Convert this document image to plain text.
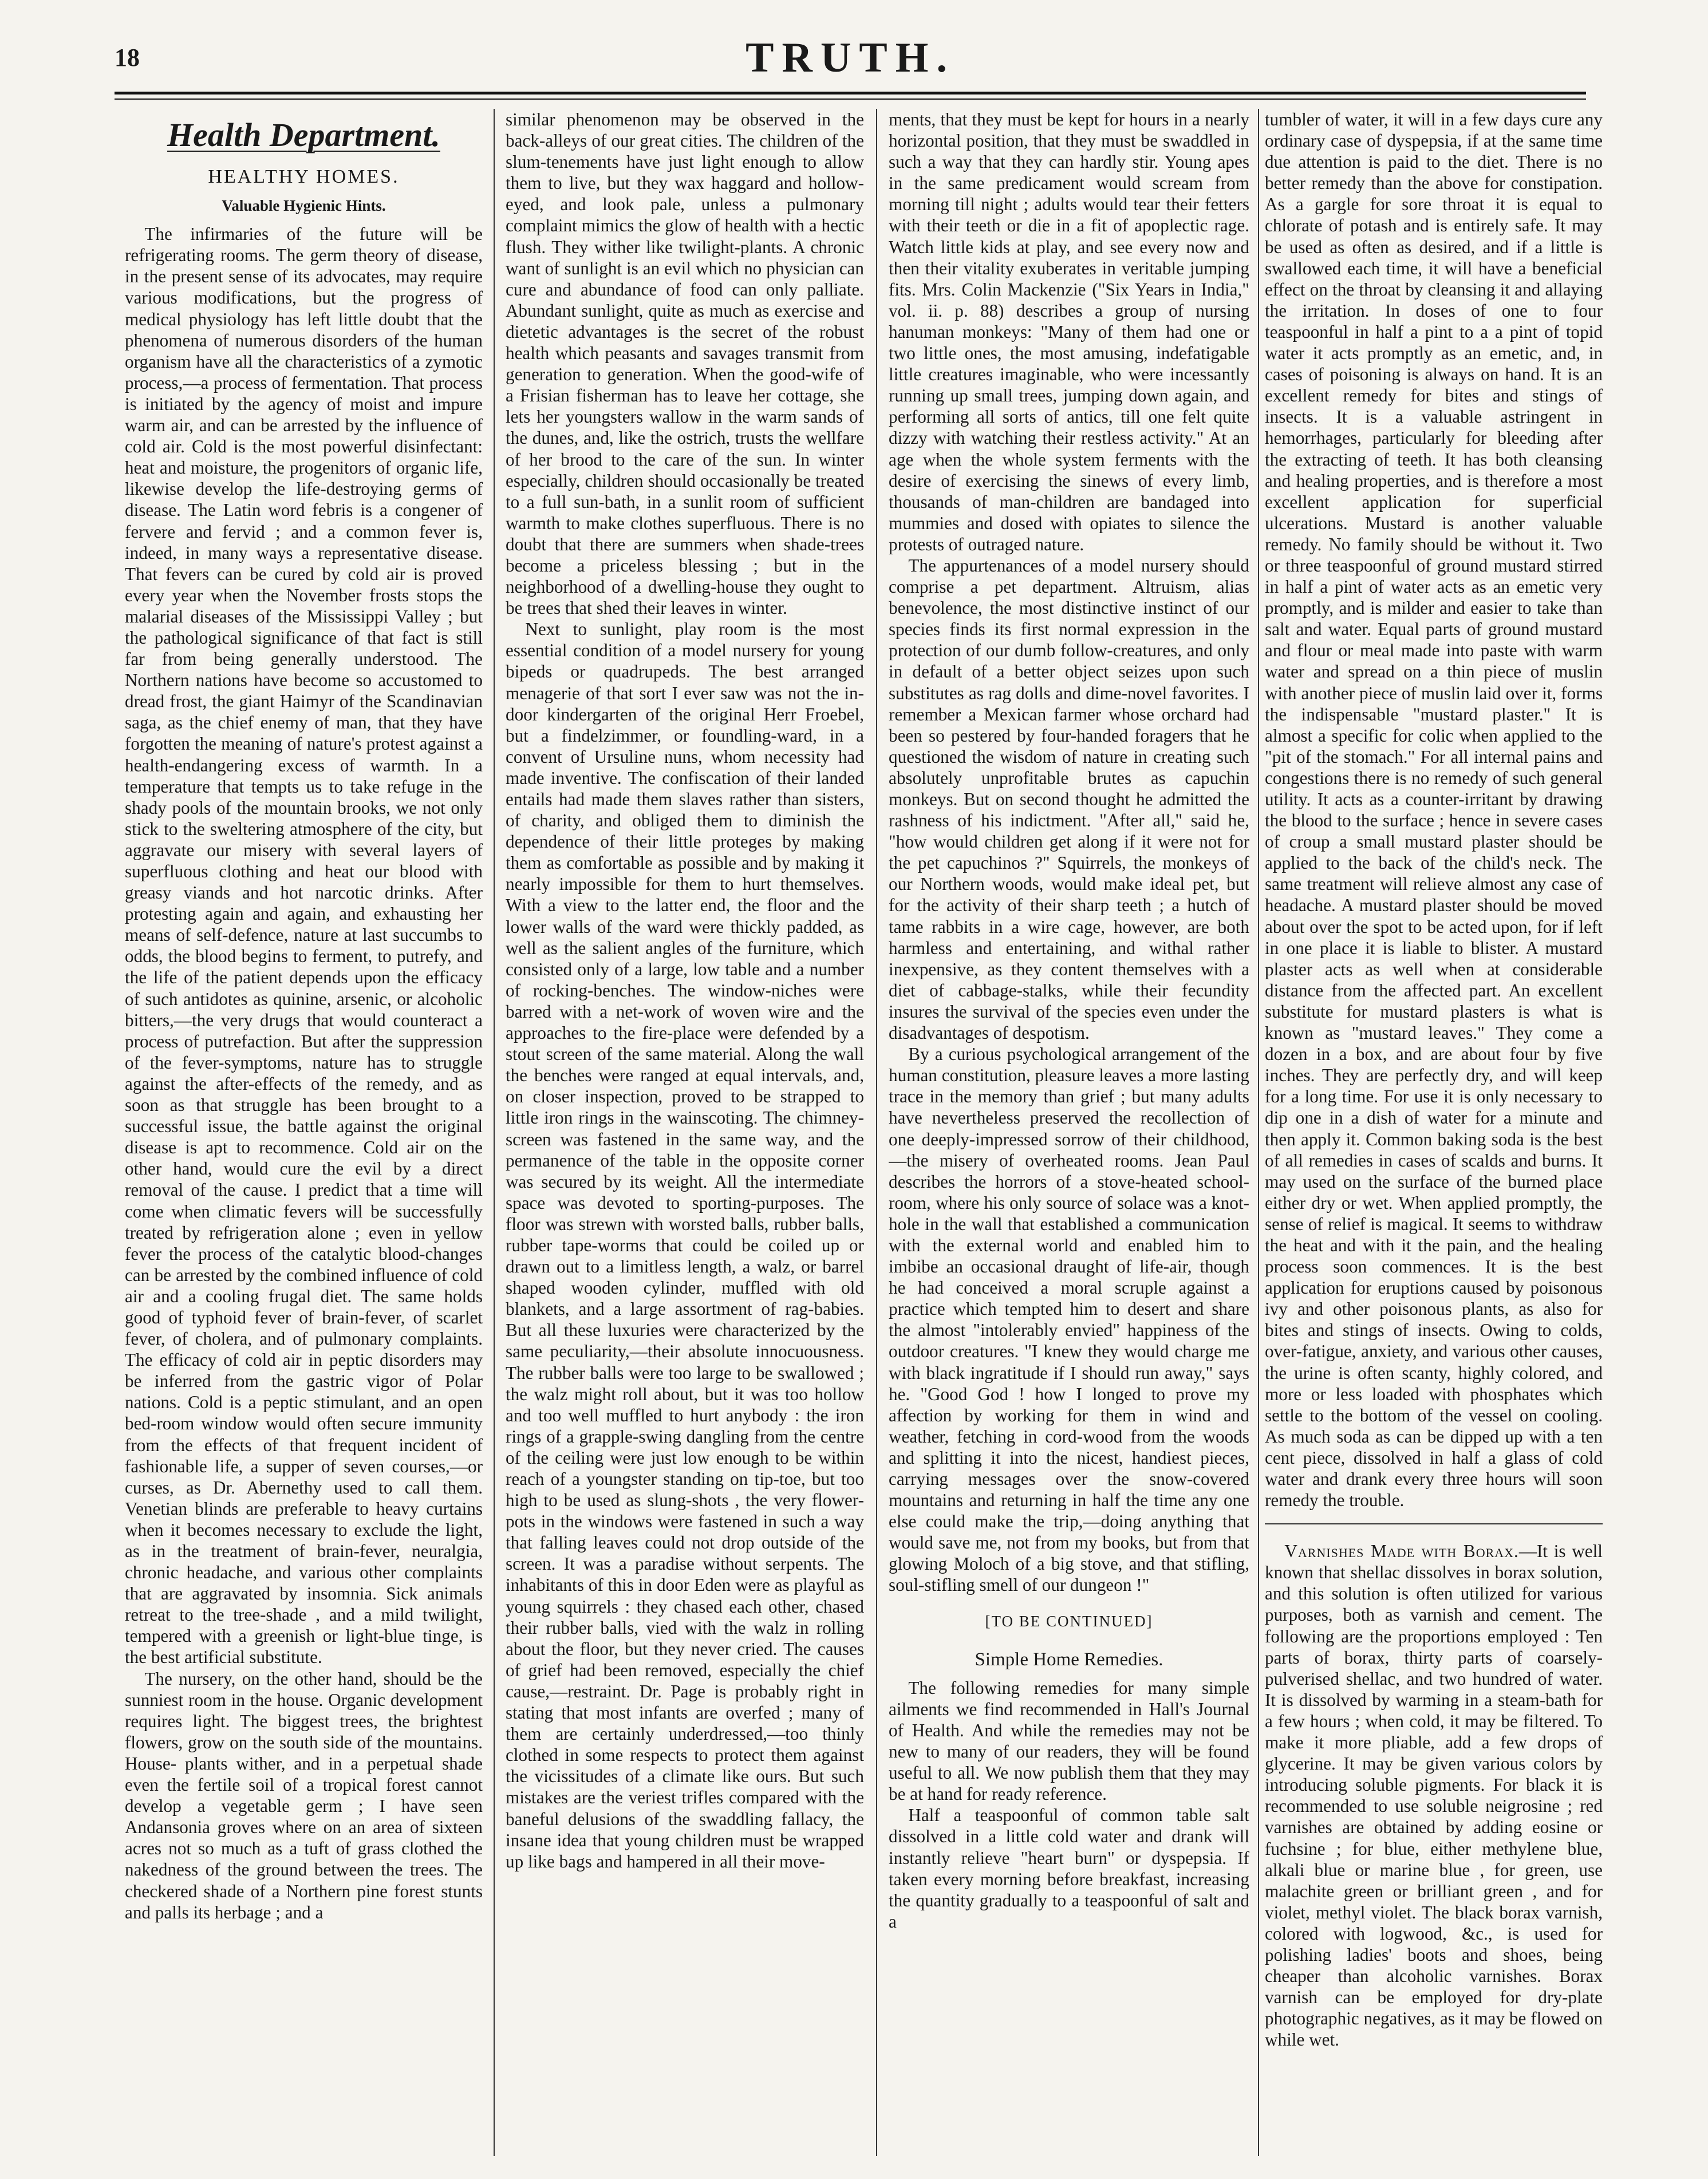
18	TRUTH.
Health Department.
HEALTHY HOMES.
Valuable Hygienic Hints.

The infirmaries of the future will be refrigerating rooms. The germ theory of disease, in the present sense of its advocates, may require various modifications, but the progress of medical physiology has left little doubt that the phenomena of numerous disorders of the human organism have all the characteristics of a zymotic process,—a process of fermentation. That process is initiated by the agency of moist and impure warm air, and can be arrested by the influence of cold air. Cold is the most powerful disinfectant: heat and moisture, the progenitors of organic life, likewise develop the life-destroying germs of disease. The Latin word febris is a congener of fervere and fervid ; and a common fever is, indeed, in many ways a representative disease. That fevers can be cured by cold air is proved every year when the November frosts stops the malarial diseases of the Mississippi Valley ; but the pathological significance of that fact is still far from being generally understood. The Northern nations have become so accustomed to dread frost, the giant Haimyr of the Scandinavian saga, as the chief enemy of man, that they have forgotten the meaning of nature's protest against a health-endangering excess of warmth. In a temperature that tempts us to take refuge in the shady pools of the mountain brooks, we not only stick to the sweltering atmosphere of the city, but aggravate our misery with several layers of superfluous clothing and heat our blood with greasy viands and hot narcotic drinks. After protesting again and again, and exhausting her means of self-defence, nature at last succumbs to odds, the blood begins to ferment, to putrefy, and the life of the patient depends upon the efficacy of such antidotes as quinine, arsenic, or alcoholic bitters,—the very drugs that would counteract a process of putrefaction. But after the suppression of the fever-symptoms, nature has to struggle against the after-effects of the remedy, and as soon as that struggle has been brought to a successful issue, the battle against the original disease is apt to recommence. Cold air on the other hand, would cure the evil by a direct removal of the cause. I predict that a time will come when climatic fevers will be successfully treated by refrigeration alone ; even in yellow fever the process of the catalytic blood-changes can be arrested by the combined influence of cold air and a cooling frugal diet. The same holds good of typhoid fever of brain-fever, of scarlet fever, of cholera, and of pulmonary complaints. The efficacy of cold air in peptic disorders may be inferred from the gastric vigor of Polar nations. Cold is a peptic stimulant, and an open bed-room window would often secure immunity from the effects of that frequent incident of fashionable life, a supper of seven courses,—or curses, as Dr. Abernethy used to call them. Venetian blinds are preferable to heavy curtains when it becomes necessary to exclude the light, as in the treatment of brain-fever, neuralgia, chronic headache, and various other complaints that are aggravated by insomnia. Sick animals retreat to the tree-shade , and a mild twilight, tempered with a greenish or light-blue tinge, is the best artificial substitute.

The nursery, on the other hand, should be the sunniest room in the house. Organic development requires light. The biggest trees, the brightest flowers, grow on the south side of the mountains. House- plants wither, and in a perpetual shade even the fertile soil of a tropical forest cannot develop a vegetable germ ; I have seen Andansonia groves where on an area of sixteen acres not so much as a tuft of grass clothed the nakedness of the ground between the trees. The checkered shade of a Northern pine forest stunts and palls its herbage ; and a

similar phenomenon may be observed in the back-alleys of our great cities. The children of the slum-tenements have just light enough to allow them to live, but they wax haggard and hollow-eyed, and look pale, unless a pulmonary complaint mimics the glow of health with a hectic flush. They wither like twilight-plants. A chronic want of sunlight is an evil which no physician can cure and abundance of food can only palliate. Abundant sunlight, quite as much as exercise and dietetic advantages is the secret of the robust health which peasants and savages transmit from generation to generation. When the good-wife of a Frisian fisherman has to leave her cottage, she lets her youngsters wallow in the warm sands of the dunes, and, like the ostrich, trusts the wellfare of her brood to the care of the sun. In winter especially, children should occasionally be treated to a full sun-bath, in a sunlit room of sufficient warmth to make clothes superfluous. There is no doubt that there are summers when shade-trees become a priceless blessing ; but in the neighborhood of a dwelling-house they ought to be trees that shed their leaves in winter.

Next to sunlight, play room is the most essential condition of a model nursery for young bipeds or quadrupeds. The best arranged menagerie of that sort I ever saw was not the in-door kindergarten of the original Herr Froebel, but a findelzimmer, or foundling-ward, in a convent of Ursuline nuns, whom necessity had made inventive. The confiscation of their landed entails had made them slaves rather than sisters, of charity, and obliged them to diminish the dependence of their little proteges by making them as comfortable as possible and by making it nearly impossible for them to hurt themselves. With a view to the latter end, the floor and the lower walls of the ward were thickly padded, as well as the salient angles of the furniture, which consisted only of a large, low table and a number of rocking-benches. The window-niches were barred with a net-work of woven wire and the approaches to the fire-place were defended by a stout screen of the same material. Along the wall the benches were ranged at equal intervals, and, on closer inspection, proved to be strapped to little iron rings in the wainscoting. The chimney-screen was fastened in the same way, and the permanence of the table in the opposite corner was secured by its weight. All the intermediate space was devoted to sporting-purposes. The floor was strewn with worsted balls, rubber balls, rubber tape-worms that could be coiled up or drawn out to a limitless length, a walz, or barrel shaped wooden cylinder, muffled with old blankets, and a large assortment of rag-babies. But all these luxuries were characterized by the same peculiarity,—their absolute innocuousness. The rubber balls were too large to be swallowed ; the walz might roll about, but it was too hollow and too well muffled to hurt anybody : the iron rings of a grapple-swing dangling from the centre of the ceiling were just low enough to be within reach of a youngster standing on tip-toe, but too high to be used as slung-shots , the very flower-pots in the windows were fastened in such a way that falling leaves could not drop outside of the screen. It was a paradise without serpents. The inhabitants of this in door Eden were as playful as young squirrels : they chased each other, chased their rubber balls, vied with the walz in rolling about the floor, but they never cried. The causes of grief had been removed, especially the chief cause,—restraint. Dr. Page is probably right in stating that most infants are overfed ; many of them are certainly underdressed,—too thinly clothed in some respects to protect them against the vicissitudes of a climate like ours. But such mistakes are the veriest trifles compared with the baneful delusions of the swaddling fallacy, the insane idea that young children must be wrapped up like bags and hampered in all their move-

ments, that they must be kept for hours in a nearly horizontal position, that they must be swaddled in such a way that they can hardly stir. Young apes in the same predicament would scream from morning till night ; adults would tear their fetters with their teeth or die in a fit of apoplectic rage. Watch little kids at play, and see every now and then their vitality exuberates in veritable jumping fits. Mrs. Colin Mackenzie ("Six Years in India," vol. ii. p. 88) describes a group of nursing hanuman monkeys: "Many of them had one or two little ones, the most amusing, indefatigable little creatures imaginable, who were incessantly running up small trees, jumping down again, and performing all sorts of antics, till one felt quite dizzy with watching their restless activity." At an age when the whole system ferments with the desire of exercising the sinews of every limb, thousands of man-children are bandaged into mummies and dosed with opiates to silence the protests of outraged nature.

The appurtenances of a model nursery should comprise a pet department. Altruism, alias benevolence, the most distinctive instinct of our species finds its first normal expression in the protection of our dumb follow-creatures, and only in default of a better object seizes upon such substitutes as rag dolls and dime-novel favorites. I remember a Mexican farmer whose orchard had been so pestered by four-handed foragers that he questioned the wisdom of nature in creating such absolutely unprofitable brutes as capuchin monkeys. But on second thought he admitted the rashness of his indictment. "After all," said he, "how would children get along if it were not for the pet capuchinos ?" Squirrels, the monkeys of our Northern woods, would make ideal pet, but for the activity of their sharp teeth ; a hutch of tame rabbits in a wire cage, however, are both harmless and entertaining, and withal rather inexpensive, as they content themselves with a diet of cabbage-stalks, while their fecundity insures the survival of the species even under the disadvantages of despotism.

By a curious psychological arrangement of the human constitution, pleasure leaves a more lasting trace in the memory than grief ; but many adults have nevertheless preserved the recollection of one deeply-impressed sorrow of their childhood,—the misery of overheated rooms. Jean Paul describes the horrors of a stove-heated school-room, where his only source of solace was a knot-hole in the wall that established a communication with the external world and enabled him to imbibe an occasional draught of life-air, though he had conceived a moral scruple against a practice which tempted him to desert and share the almost "intolerably envied" happiness of the outdoor creatures. "I knew they would charge me with black ingratitude if I should run away," says he. "Good God ! how I longed to prove my affection by working for them in wind and weather, fetching in cord-wood from the woods and splitting it into the nicest, handiest pieces, carrying messages over the snow-covered mountains and returning in half the time any one else could make the trip,—doing anything that would save me, not from my books, but from that glowing Moloch of a big stove, and that stifling, soul-stifling smell of our dungeon !"

[TO BE CONTINUED]
Simple Home Remedies.

The following remedies for many simple ailments we find recommended in Hall's Journal of Health. And while the remedies may not be new to many of our readers, they will be found useful to all. We now publish them that they may be at hand for ready reference.

Half a teaspoonful of common table salt dissolved in a little cold water and drank will instantly relieve "heart burn" or dyspepsia. If taken every morning before breakfast, increasing the quantity gradually to a teaspoonful of salt and a

tumbler of water, it will in a few days cure any ordinary case of dyspepsia, if at the same time due attention is paid to the diet. There is no better remedy than the above for constipation. As a gargle for sore throat it is equal to chlorate of potash and is entirely safe. It may be used as often as desired, and if a little is swallowed each time, it will have a beneficial effect on the throat by cleansing it and allaying the irritation. In doses of one to four teaspoonful in half a pint to a a pint of topid water it acts promptly as an emetic, and, in cases of poisoning is always on hand. It is an excellent remedy for bites and stings of insects. It is a valuable astringent in hemorrhages, particularly for bleeding after the extracting of teeth. It has both cleansing and healing properties, and is therefore a most excellent application for superficial ulcerations. Mustard is another valuable remedy. No family should be without it. Two or three teaspoonful of ground mustard stirred in half a pint of water acts as an emetic very promptly, and is milder and easier to take than salt and water. Equal parts of ground mustard and flour or meal made into paste with warm water and spread on a thin piece of muslin with another piece of muslin laid over it, forms the indispensable "mustard plaster." It is almost a specific for colic when applied to the "pit of the stomach." For all internal pains and congestions there is no remedy of such general utility. It acts as a counter-irritant by drawing the blood to the surface ; hence in severe cases of croup a small mustard plaster should be applied to the back of the child's neck. The same treatment will relieve almost any case of headache. A mustard plaster should be moved about over the spot to be acted upon, for if left in one place it is liable to blister. A mustard plaster acts as well when at considerable distance from the affected part. An excellent substitute for mustard plasters is what is known as "mustard leaves." They come a dozen in a box, and are about four by five inches. They are perfectly dry, and will keep for a long time. For use it is only necessary to dip one in a dish of water for a minute and then apply it. Common baking soda is the best of all remedies in cases of scalds and burns. It may used on the surface of the burned place either dry or wet. When applied promptly, the sense of relief is magical. It seems to withdraw the heat and with it the pain, and the healing process soon commences. It is the best application for eruptions caused by poisonous ivy and other poisonous plants, as also for bites and stings of insects. Owing to colds, over-fatigue, anxiety, and various other causes, the urine is often scanty, highly colored, and more or less loaded with phosphates which settle to the bottom of the vessel on cooling. As much soda as can be dipped up with a ten cent piece, dissolved in half a glass of cold water and drank every three hours will soon remedy the trouble.

Varnishes Made with Borax.—It is well known that shellac dissolves in borax solution, and this solution is often utilized for various purposes, both as varnish and cement. The following are the proportions employed : Ten parts of borax, thirty parts of coarsely-pulverised shellac, and two hundred of water. It is dissolved by warming in a steam-bath for a few hours ; when cold, it may be filtered. To make it more pliable, add a few drops of glycerine. It may be given various colors by introducing soluble pigments. For black it is recommended to use soluble neigrosine ; red varnishes are obtained by adding eosine or fuchsine ; for blue, either methylene blue, alkali blue or marine blue , for green, use malachite green or brilliant green , and for violet, methyl violet. The black borax varnish, colored with logwood, &c., is used for polishing ladies' boots and shoes, being cheaper than alcoholic varnishes. Borax varnish can be employed for dry-plate photographic negatives, as it may be flowed on while wet.
